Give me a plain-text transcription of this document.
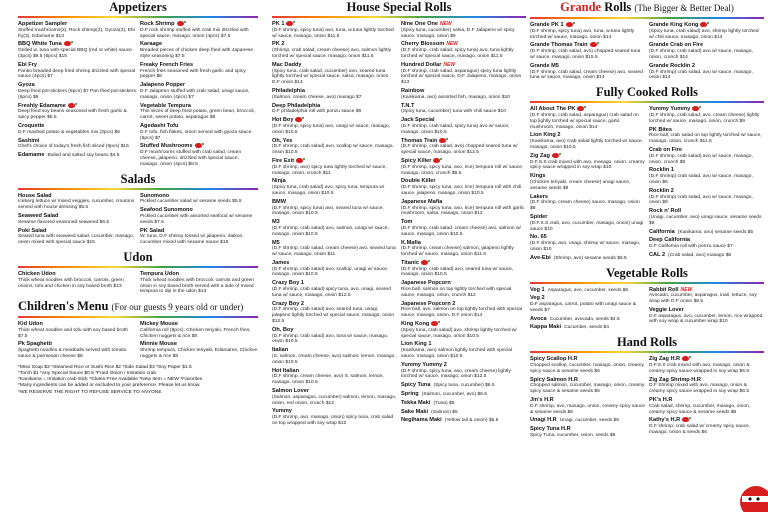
Appetizers
Appetizer Sampler
Stuffed mushrooms(2), Rock shrimp(2), Gyoza(3), Ebi fry(3), Edamame $13
BBQ White Tuna
Grilled w. tuna with special BBQ (red or white) sauce (3pcs) $9.5 (6pcs) $15
Ebi Fry
Panko breaded deep fried shrimp drizzled with special sauce (4pcs) $7
Gyoza
Deep fried pot-stickers (6pcs) $7 Pan fried pot-stickers (6pcs) $8
Freshly Edamame
Deep fried soy beans seasoned with fresh garlic & spicy pepper $6.5
Croquette
D.F mashed potato & vegetables mix (3pcs) $6
Sashimi
Chef's choice of today's fresh fish sliced (9pcs) $15
Edamame Boiled and salted soy beans $4.5
Rock Shrimp
D.F rock shrimp stuffed with crab mix drizzled with special sauce, masago, onion (4pcs) $7.5
Karaage
Breaded pieces of chicken deep fried with Japanese style seasoning $7.5
Freaky French Fries
French fries seasoned with fresh garlic and spicy pepper $6
Jalapeno Popper
D.F Jalapeno stuffed with crab salad, unagi sauce, masago, onion (4pcs) $7
Vegetable Tempura
Thin slices of deep fried potato, green bean, broccoli, carrot, sweet potato, asparagus $8
Agedashi Tofu
D.F tofu, fish flakes, onion served with gyoza sauce (6pcs) $7
Stuffed Mushrooms
D.F mushrooms stuffed with crab salad, cream cheese, jalapeno, drizzled with special sauce, masago, onion (4pcs) $8.5
Salads
House Salad
Iceberg lettuce w/ mixed veggies, cucumber, croutons served with house dressing $5.5
Seaweed Salad
Sesame flavored seasoned seaweed $6.5
Poki Salad
Seared tuna with seaweed salad, cucumber, masago, onion mixed with special sauce $15
Sunomono
Pickled cucumber salad w/ sesame seeds $5.5
Seafood Sunomono
Pickled cucumber with assorted seafood w/ sesame seeds $7.5
PK Salad
W. tuna, D.F shrimp tossed w/ jalapeno, daikon, cucumber mixed with sesame sauce $16
Udon
Chicken Udon
Thick wheat noodles with broccoli, carrots, green onions, tofu and chicken in soy based broth $13
Tempura Udon
Thick wheat noodles with broccoli, carrots and green onion in soy based broth served with a side of mixed tempura to dip in the udon $13
Children's Menu (For our guests 9 years old or under)
Kid Udon
Thick wheat noodles and tofu with soy based broth $7.5
Pk Spaghetti
Spaghetti noodles & meatballs served with tomato sauce & parmesan cheese $8
Mickey Mouse
California roll (9pcs), Chicken teriyaki, French fries, Chicken nuggets & rice $8
Minnie Mouse
Shrimp tempura, Chicken teriyaki, Edamame, Chicken nuggets & rice $8
*Miso Soup $2 *Steamed Rice or Sushi Rice $2 *Side Salad $3 *Soy Paper $1.5
*Torch $1 *Any Special Sauce $0.5 *Fried Onion / Imitation crab
*Kanikama = Imitation crab stick *Gluten-Free Available *New Item = NEW *Favorites
*Many ingredients can be added or excluded to your preference. Please let us know.
*WE RESERVE THE RIGHT TO REFUSE SERVICE TO ANYONE
House Special Rolls
PK 1
(D.F shrimp, spicy tuna) avo, tuna, w.tuna lightly torched w/ sauce, masago, onion $11.5
PK 2
(Shrimp, crab salad, cream cheese) avo, salmon lightly torched w/ special sauce, masago, onion $11.5
Mac Daddy
(Spicy tuna, crab salad, cucumber) avo, seared tuna lightly torched w/ special sauce, salsa, masago, onion, D.F onion $14
Philadelphia
(Salmon, cream cheese, avo) masago $7
Deep Philadelphia
D.F philadelphia roll with ponzu sauce $9
Hot Boy
(D.F shrimp, spicy tuna) avo, unagi w/ sauce, masago, onion $10.5
Oh, Yes
(D.F shrimp, crab salad) avo, scallop w/ sauce, masago, onion $10.5
Fire Exit
(D.F shrimp, avo) spicy tuna lightly torched w/ sauce, masago, onion, crunch $11
Ninja
(Spicy tuna, crab salad) avo, spicy tuna, tempura w/ sauce, masago, onion $10.5
BMW
(D.F shrimp, spicy tuna) avo, seared tuna w/ sauce, masago, onion $10.5
M3
(D.F shrimp, crab salad) avo, salmon, unagi w/ sauce, masago, onion $10.5
M5
(D.F shrimp, crab salad, cream cheese) avo, seared tuna w/ sauce, masago, onion $11
James
(D.F shrimp, crab salad) avo, scallop, unagi w/ sauce, masago, onion $10.5
Crazy Boy 1
(D.F shrimp, crab salad) spicy tuna, avo, unagi, seared tuna w/ sauce, masago, onion $12.5
Crazy Boy 2
(D.F shrimp, crab salad) avo, seared tuna, unagi, jalapeno lightly torched w/ special sauce, masago, onion $12.5
Oh, Boy
(D.F shrimp, crab salad) avo, tuna w/ sauce, masago, onion $10.5
Italian
(S. salmon, cream cheese, avo) salmon, lemon, masago, onion $10.5
Hot Italian
(D.F shrimp, cream cheese, avo) S. salmon, lemon, masago, onion $10.5
Salmon Lover
(Salmon, asparagus, cucumber) salmon, lemon, masago, onion, red onion, crunch $12
Yummy
(D.F shrimp, avo, masago, onion) spicy tuna, crab salad on top wrapped with soy wrap $12
Nine One One NEW
(Spicy tuna, cucumber) salsa, D.F Jalapeno w/ spicy sauce, masago, onion $9
Cherry Blossom NEW
(D.F shrimp, crab salad, spicy tuna) avo, tuna lightly torched w/ special sauce, masago, onion $11.5
Hundred Dollar NEW
(D.F shrimp, crab salad, asparagus) spicy tuna lightly torched w/ special sauce, D.F Jalapeno, masago, onion $13
Rainbow
(Kanikama, avo) assorted fish, masago, onion $10
T.N.T
(Spicy tuna, cucumber) tuna with chili sauce $10
Jack Special
(D.F shrimp, crab salad, spicy tuna) avo w/ sauce, masago, onion $10.5
Thomas Train
(D.F shrimp, crab salad, avo) chopped seared tuna w/ special sauce, masago, onion $12.5
Spicy Killer
(D.F shrimp, spicy tuna, avo, rice) tempura roll w/ sauce, masago, onion, crunch $9.5
Double Killer
(D.F shrimp, spicy tuna, avo, rice) tempura roll with chili sauce, jalapeno, masago, onion $10.5
Japanese Mafia
(D.F shrimp, spicy tuna, avo, rice) tempura roll with garlic mushroom, salsa, masago, onion $12
Tom
(D.F shrimp, crab salad, cream cheese) avo, salmon w/ sauce, masago, onion $10.5
K.Mafia
(D.F shrimp, cream cheese) salmon, jalapeno lightly torched w/ sauce, masago, onion $11.5
Titanic
(D.F shrimp, crab salad) avo, seared tuna w/ sauce, masago, onion $10.5
Japanese Popcorn
Rice ball, salmon on top lightly torched with special sauce, masago, onion, crunch $12
Japanese Popcorn 2
Rice ball, avo, salmon on top lightly torched with special sauce, masago, onion, D.F onion $14
King Kong
(Spicy tuna, crab salad) avo, shrimp lightly torched w/ special sauce, masago, onion $10.5
Lion King 1
(Kanikama, avo) salmon lightly torched with special sauce, masago, onion $10.5
Yummy Yummy 2
(D.F shrimp, spicy tuna, avo, cream cheese) lightly torched w/ sauce, masago, onion $12.5
Spicy Tuna (Spicy tuna, cucumber) $6.5
Spring (Salmon, cucumber, avo) $6.5
Tekka Maki (Tuna) $5
Sake Maki (Salmon) $5
Negihama Maki (Yellow tail & onion) $5.5
Grande Rolls (The Bigger & Better Deal)
Grande PK 1
(D.F shrimp, spicy tuna) avo, tuna, w.tuna lightly torched w/ sauce, masago, onion $14
Grande Thomas Train
(D.F shrimp, crab salad, avo) chopped seared tuna w/ sauce, masago, onion $15.5
Grande M5
(D.F shrimp, crab salad, cream cheese) avo, seared tuna w/ sauce, masago, onion $14
Grande King Kong
(Spicy tuna, crab salad) avo, shrimp lightly torched w/ chili sauce, masago, onion $14
Grande Crab on Fire
(D.F shrimp, crab salad) avo w/ sauce, masago, onion, crunch $14
Grande Rocklin 2
(D.F shrimp) crab salad, avo w/ sauce, masago, onion $14
Fully Cooked Rolls
All About The PK
(D.F shrimp, crab salad, asparagus) crab salad on top lightly torched w/ special sauce, garlic mushroom, masago, onion $14
Lion King 2
(Kanikama, avo) crab salad lightly torched w/ sauce, masago, onion $10.5
Zig Zag
D.F.S.S crab mixed with avo, masago, onion, creamy spicy sauce wrapped in soy wrap $10
Kings
(Chicken teriyaki, cream cheese) unagi sauce, sesame seeds $8
Lakers
(D.F shrimp, cream cheese) sauce, masago, onion $8
Spider
(D.F.S.S crab, avo, cucumber, masago, onion) unagi sauce $10
No. 65
(D.F shrimp, avo, unagi, shrimp w/ sauce, masago, onion $10
Ave-Ebi (Shrimp, avo) sesame seeds $6.5
Yummy Yummy
(D.F shrimp, crab salad, avo, cream cheese) lightly torched w/ sauce, masago, onion, crunch $9
PK Bites
Rice ball, crab salad on top lightly torched w/ sauce, masago, onion, crunch $11.5
Crab on Fire
(D.F shrimp, crab salad) avo w/ sauce, masago, onion, crunch $9
Rocklin 1
(D.F shrimp) crab salad, avo w/ sauce, masago, onion $6
Rocklin 2
(D.F shrimp) crab salad, avo w/ sauce, masago, onion $9
Rock n' Roll
(Unagi, cucumber, avo) unagi sauce, sesame seeds $8
California (Kanikama, avo) sesame seeds $5
Deep California
D.F California roll with ponzu sauce $7
CAL 2 (Crab salad, avo) masago $6
Vegetable Rolls
Veg 1 Asparagus, avo, cucumber, seeds $6
Veg 2
D.F asparagus, carrot, potato with unagi sauce & seeds $7
Avoca Cucumber, avocado, seeds $4.5
Kappa Maki Cucumber, seeds $4
Rabbit Roll NEW
Avocado, cucumber, asparagus, inari, lettuce, soy wrap with D.F onion $8.5
Veggie Lover
D.F asparagus, avo, cucumber, lemon, rice wrapped with soy wrap & cucumber wrap $10
Hand Rolls
Spicy Scallop H.R
Chopped scallop, cucumber, masago, onion, creamy spicy sauce & sesame seeds $6
Spicy Salmon H.R
Chopped salmon, cucumber, masago, onion, creamy spicy sauce & sesame seeds $6
Jin's H.R
D.F shrimp, avo, masago, onion, creamy spicy sauce & sesame seeds $6
Unagi H.R Unagi, cucumber, seeds $6
Spicy Tuna H.R
Spicy Tuna, cucumber, onion, seeds $6
Zig Zag H.R
D.F.S.S crab mixed with avo, masago, onion & creamy spicy sauce wrapped in soy wrap $6.5
Zig Zag Shrimp H.R
D.F Shrimp mixed with avo, masago, onion & creamy spicy sauce wrapped in soy wrap $6.5
PK's H.R
Crab salad, shrimp, cucumber, masago, onion, creamy spicy sauce & sesame seeds $6
Kathy's H.R
D.F shrimp, crab salad w/ creamy spicy sauce, masago, onion & seeds $6
